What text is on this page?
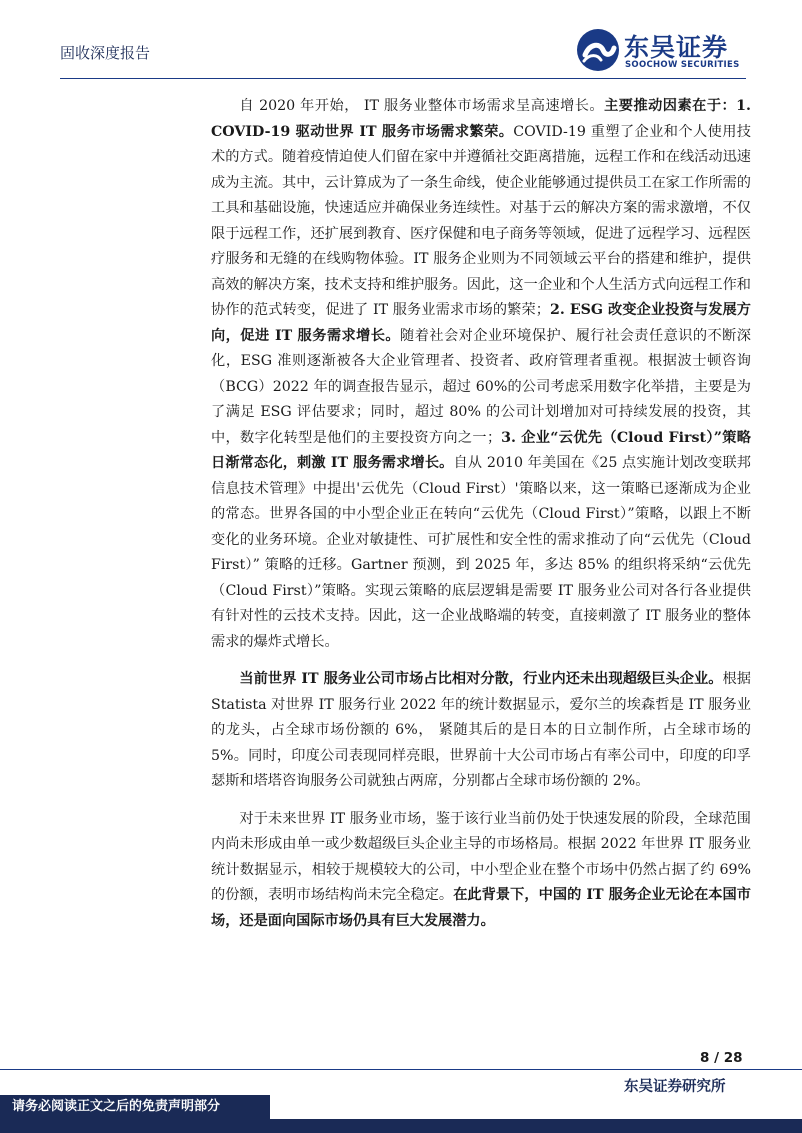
固收深度报告	东吴证券
SOOCHOW SECURITIES

自 2020 年开始， IT 服务业整体市场需求呈高速增长。主要推动因素在于：1. COVID-19 驱动世界 IT 服务市场需求繁荣。COVID-19 重塑了企业和个人使用技术的方式。随着疫情迫使人们留在家中并遵循社交距离措施，远程工作和在线活动迅速成为主流。其中，云计算成为了一条生命线，使企业能够通过提供员工在家工作所需的工具和基础设施，快速适应并确保业务连续性。对基于云的解决方案的需求激增，不仅限于远程工作，还扩展到教育、医疗保健和电子商务等领域，促进了远程学习、远程医疗服务和无缝的在线购物体验。IT 服务企业则为不同领域云平台的搭建和维护，提供高效的解决方案，技术支持和维护服务。因此，这一企业和个人生活方式向远程工作和协作的范式转变，促进了 IT 服务业需求市场的繁荣；2. ESG 改变企业投资与发展方向，促进 IT 服务需求增长。随着社会对企业环境保护、履行社会责任意识的不断深化，ESG 准则逐渐被各大企业管理者、投资者、政府管理者重视。根据波士顿咨询（BCG）2022 年的调查报告显示，超过 60%的公司考虑采用数字化举措，主要是为了满足 ESG 评估要求；同时，超过 80% 的公司计划增加对可持续发展的投资，其中，数字化转型是他们的主要投资方向之一；3. 企业“云优先（Cloud First）”策略日渐常态化，刺激 IT 服务需求增长。自从 2010 年美国在《25 点实施计划改变联邦信息技术管理》中提出'云优先（Cloud First）'策略以来，这一策略已逐渐成为企业的常态。世界各国的中小型企业正在转向“云优先（Cloud First）”策略，以跟上不断变化的业务环境。企业对敏捷性、可扩展性和安全性的需求推动了向“云优先（Cloud First）” 策略的迁移。Gartner 预测，到 2025 年，多达 85% 的组织将采纳“云优先（Cloud First）”策略。实现云策略的底层逻辑是需要 IT 服务业公司对各行各业提供有针对性的云技术支持。因此，这一企业战略端的转变，直接刺激了 IT 服务业的整体需求的爆炸式增长。

当前世界 IT 服务业公司市场占比相对分散，行业内还未出现超级巨头企业。根据 Statista 对世界 IT 服务行业 2022 年的统计数据显示，爱尔兰的埃森哲是 IT 服务业的龙头，占全球市场份额的 6%， 紧随其后的是日本的日立制作所，占全球市场的 5%。同时，印度公司表现同样亮眼，世界前十大公司市场占有率公司中，印度的印孚瑟斯和塔塔咨询服务公司就独占两席，分别都占全球市场份额的 2%。

对于未来世界 IT 服务业市场，鉴于该行业当前仍处于快速发展的阶段，全球范围内尚未形成由单一或少数超级巨头企业主导的市场格局。根据 2022 年世界 IT 服务业统计数据显示，相较于规模较大的公司，中小型企业在整个市场中仍然占据了约 69%的份额，表明市场结构尚未完全稳定。在此背景下，中国的 IT 服务企业无论在本国市场，还是面向国际市场仍具有巨大发展潜力。

8 / 28
东吴证券研究所
请务必阅读正文之后的免责声明部分
